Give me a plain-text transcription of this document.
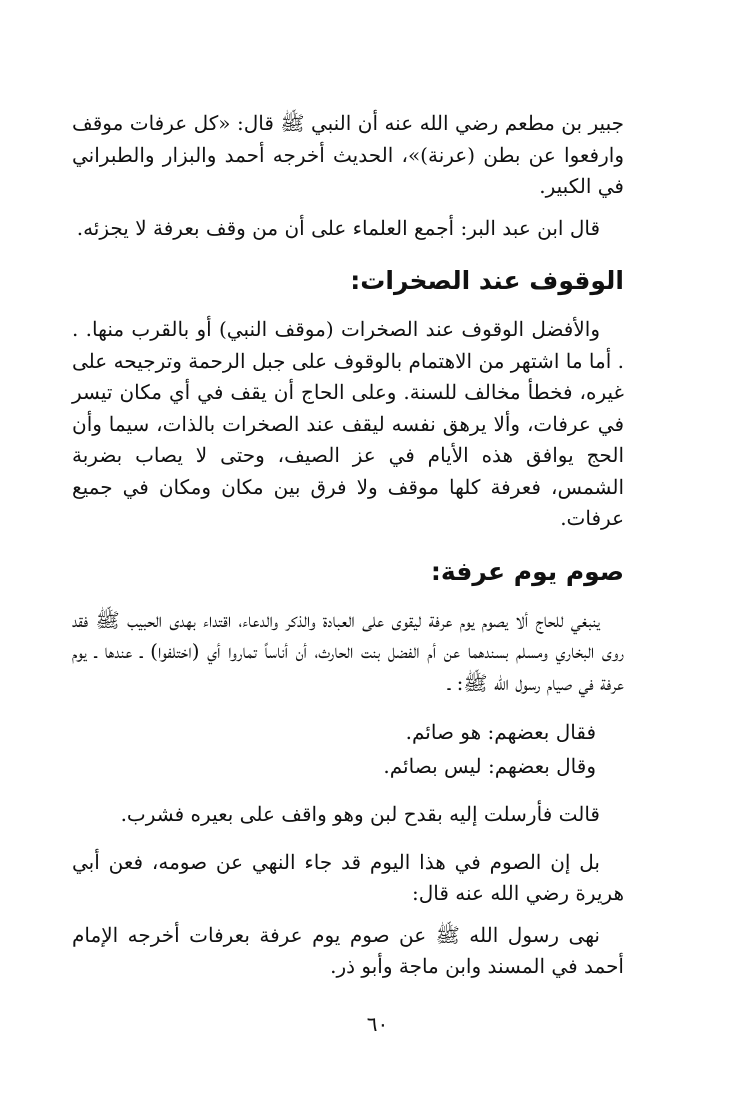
جبير بن مطعم رضي الله عنه أن النبي ﷺ قال: «كل عرفات موقف وارفعوا عن بطن (عرنة)»، الحديث أخرجه أحمد والبزار والطبراني في الكبير.

قال ابن عبد البر: أجمع العلماء على أن من وقف بعرفة لا يجزئه.

الوقوف عند الصخرات:

والأفضل الوقوف عند الصخرات (موقف النبي) أو بالقرب منها. . . أما ما اشتهر من الاهتمام بالوقوف على جبل الرحمة وترجيحه على غيره، فخطأ مخالف للسنة. وعلى الحاج أن يقف في أي مكان تيسر في عرفات، وألا يرهق نفسه ليقف عند الصخرات بالذات، سيما وأن الحج يوافق هذه الأيام في عز الصيف، وحتى لا يصاب بضربة الشمس، فعرفة كلها موقف ولا فرق بين مكان ومكان في جميع عرفات.

صوم يوم عرفة:

ينبغي للحاج ألا يصوم يوم عرفة ليقوى على العبادة والذكر والدعاء، اقتداء بهدى الحبيب ﷺ فقد روى البخاري ومسلم بسندهما عن أم الفضل بنت الحارث، أن أناساً تماروا أي (اختلفوا) ـ عندها ـ يوم عرفة في صيام رسول الله ﷺ: ـ

فقال بعضهم: هو صائم.

وقال بعضهم: ليس بصائم.

قالت فأرسلت إليه بقدح لبن وهو واقف على بعيره فشرب.

بل إن الصوم في هذا اليوم قد جاء النهي عن صومه، فعن أبي هريرة رضي الله عنه قال:

نهى رسول الله ﷺ عن صوم يوم عرفة بعرفات أخرجه الإمام أحمد في المسند وابن ماجة وأبو ذر.

٦٠
